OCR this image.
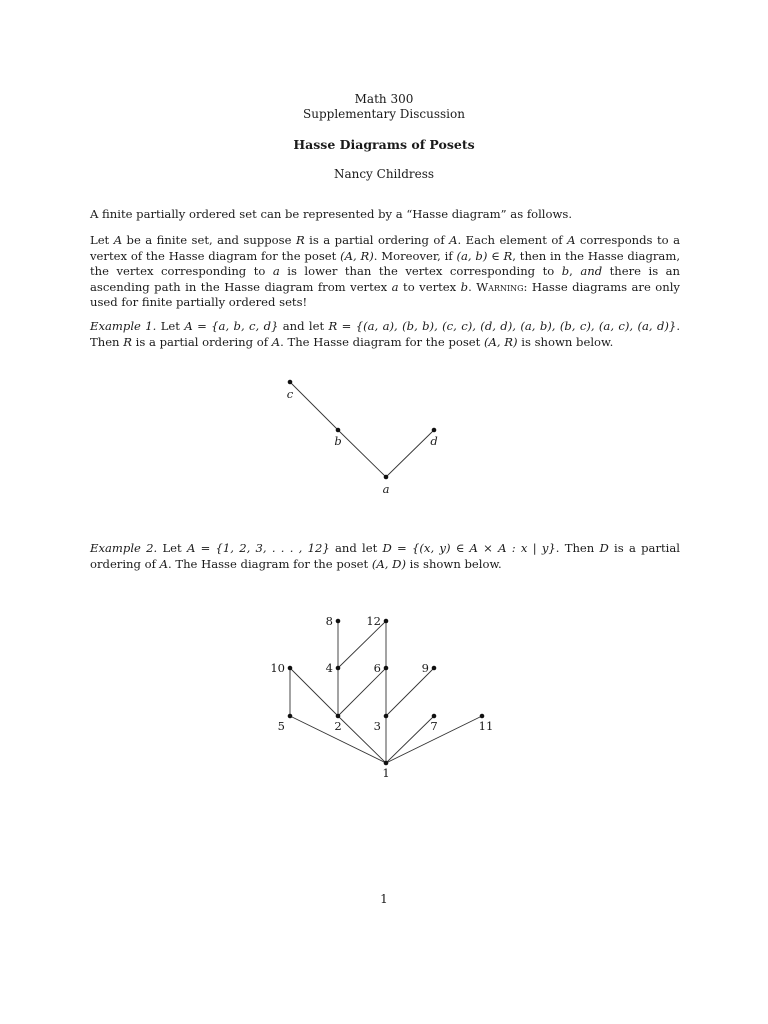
Math 300
Supplementary Discussion
Hasse Diagrams of Posets
Nancy Childress

A finite partially ordered set can be represented by a “Hasse diagram” as follows.

Let A be a finite set, and suppose R is a partial ordering of A. Each element of A corresponds to a vertex of the Hasse diagram for the poset (A, R). Moreover, if (a, b) ∈ R, then in the Hasse diagram, the vertex corresponding to a is lower than the vertex corresponding to b, and there is an ascending path in the Hasse diagram from vertex a to vertex b. Warning: Hasse diagrams are only used for finite partially ordered sets!

Example 1. Let A = {a, b, c, d} and let R = {(a, a), (b, b), (c, c), (d, d), (a, b), (b, c), (a, c), (a, d)}. Then R is a partial ordering of A. The Hasse diagram for the poset (A, R) is shown below.

Example 2. Let A = {1, 2, 3, . . . , 12} and let D = {(x, y) ∈ A × A : x | y}. Then D is a partial ordering of A. The Hasse diagram for the poset (A, D) is shown below.

c
b	d
a
8	12
10	4	6	9
5	2	3	7	11
1
1
